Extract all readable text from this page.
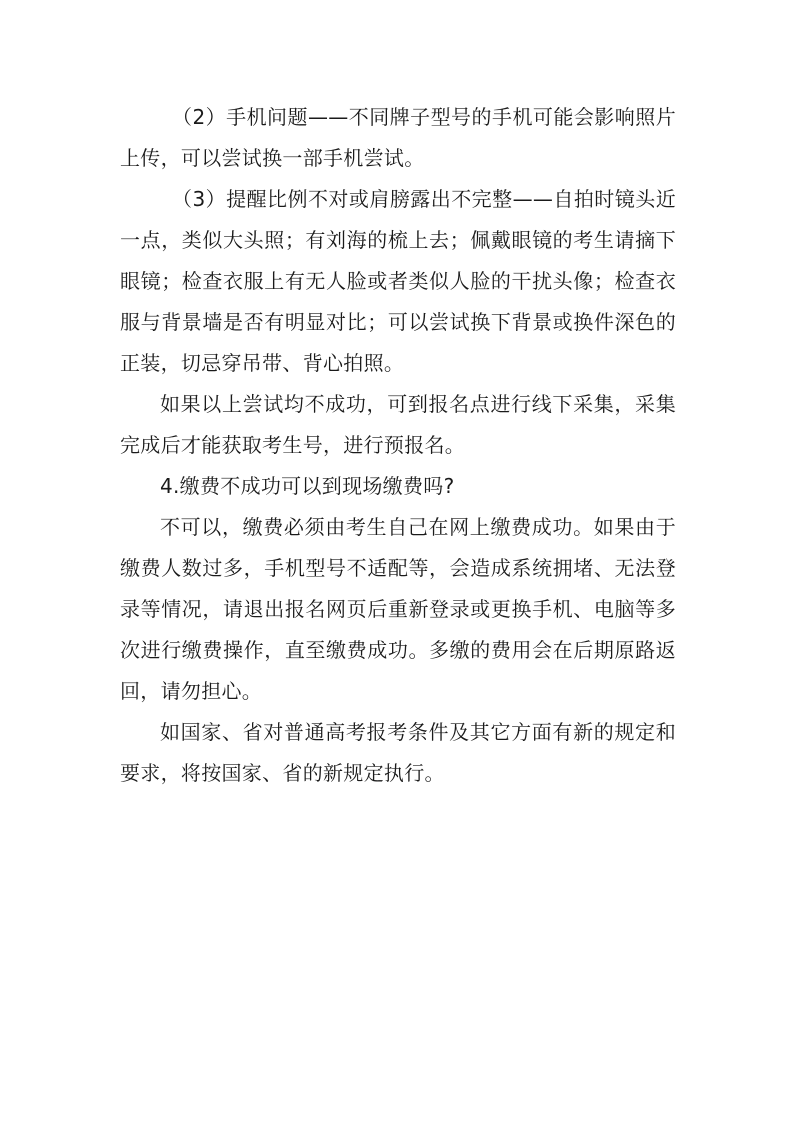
（2）手机问题——不同牌子型号的手机可能会影响照片上传，可以尝试换一部手机尝试。

（3）提醒比例不对或肩膀露出不完整——自拍时镜头近一点，类似大头照；有刘海的梳上去；佩戴眼镜的考生请摘下眼镜；检查衣服上有无人脸或者类似人脸的干扰头像；检查衣服与背景墙是否有明显对比；可以尝试换下背景或换件深色的正装，切忌穿吊带、背心拍照。

如果以上尝试均不成功，可到报名点进行线下采集，采集完成后才能获取考生号，进行预报名。

4.缴费不成功可以到现场缴费吗?

不可以，缴费必须由考生自己在网上缴费成功。如果由于缴费人数过多，手机型号不适配等，会造成系统拥堵、无法登录等情况，请退出报名网页后重新登录或更换手机、电脑等多次进行缴费操作，直至缴费成功。多缴的费用会在后期原路返回，请勿担心。

如国家、省对普通高考报考条件及其它方面有新的规定和要求，将按国家、省的新规定执行。
